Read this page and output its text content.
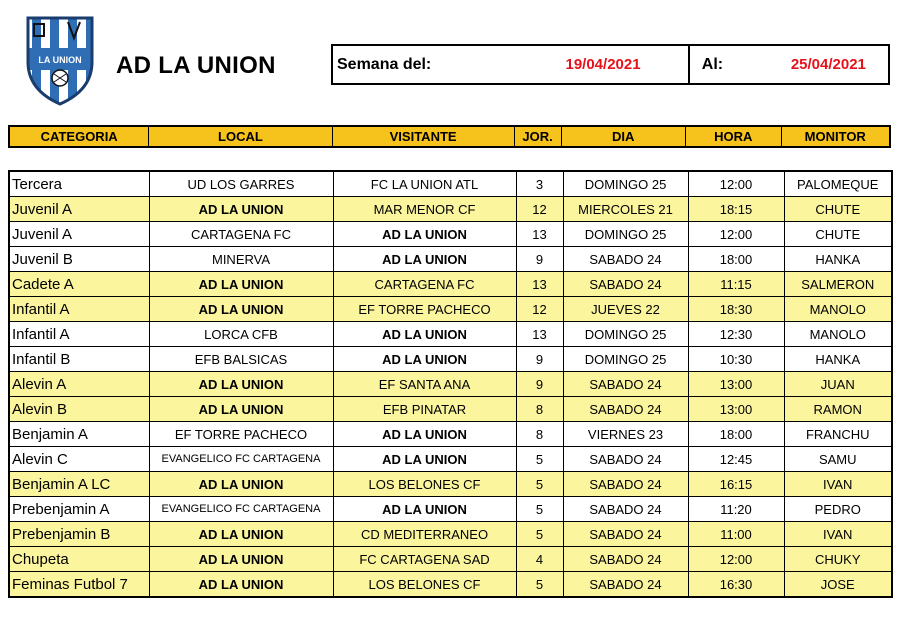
LA UNION AD LA UNION	Semana del:	19/04/2021	Al:	25/04/2021
CATEGORIA	LOCAL	VISITANTE	JOR.	DIA	HORA	MONITOR
Tercera	UD LOS GARRES	FC LA UNION ATL	3	DOMINGO 25	12:00	PALOMEQUE
Juvenil A	AD LA UNION	MAR MENOR CF	12	MIERCOLES 21	18:15	CHUTE
Juvenil A	CARTAGENA FC	AD LA UNION	13	DOMINGO 25	12:00	CHUTE
Juvenil B	MINERVA	AD LA UNION	9	SABADO 24	18:00	HANKA
Cadete A	AD LA UNION	CARTAGENA FC	13	SABADO 24	11:15	SALMERON
Infantil A	AD LA UNION	EF TORRE PACHECO	12	JUEVES 22	18:30	MANOLO
Infantil A	LORCA CFB	AD LA UNION	13	DOMINGO 25	12:30	MANOLO
Infantil B	EFB BALSICAS	AD LA UNION	9	DOMINGO 25	10:30	HANKA
Alevin A	AD LA UNION	EF SANTA ANA	9	SABADO 24	13:00	JUAN
Alevin B	AD LA UNION	EFB PINATAR	8	SABADO 24	13:00	RAMON
Benjamin A	EF TORRE PACHECO	AD LA UNION	8	VIERNES 23	18:00	FRANCHU
Alevin C	EVANGELICO FC CARTAGENA	AD LA UNION	5	SABADO 24	12:45	SAMU
Benjamin A LC	AD LA UNION	LOS BELONES CF	5	SABADO 24	16:15	IVAN
Prebenjamin A	EVANGELICO FC CARTAGENA	AD LA UNION	5	SABADO 24	11:20	PEDRO
Prebenjamin B	AD LA UNION	CD MEDITERRANEO	5	SABADO 24	11:00	IVAN
Chupeta	AD LA UNION	FC CARTAGENA SAD	4	SABADO 24	12:00	CHUKY
Feminas Futbol 7	AD LA UNION	LOS BELONES CF	5	SABADO 24	16:30	JOSE
